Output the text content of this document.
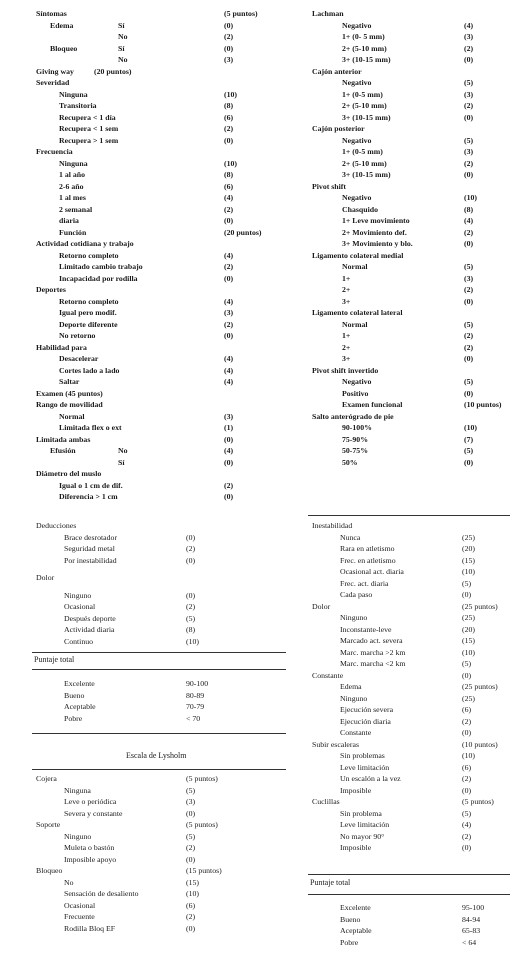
Síntomas	(5 puntos)
Edema	Sí	(0)
No	(2)
Bloqueo	Sí	(0)
No	(3)
Giving way	(20 puntos)
Severidad
Ninguna	(10)
Transitoria	(8)
Recupera < 1 día	(6)
Recupera < 1 sem	(2)
Recupera > 1 sem	(0)
Frecuencia
Ninguna	(10)
1 al año	(8)
2-6 año	(6)
1 al mes	(4)
2 semanal	(2)
diaria	(0)
Función	(20 puntos)
Actividad cotidiana y trabajo
Retorno completo	(4)
Limitado cambio trabajo	(2)
Incapacidad por rodilla	(0)
Deportes
Retorno completo	(4)
Igual pero modif.	(3)
Deporte diferente	(2)
No retorno	(0)
Habilidad para
Desacelerar	(4)
Cortes lado a lado	(4)
Saltar	(4)
Examen (45 puntos)
Rango de movilidad
Normal	(3)
Limitada flex o ext	(1)
Limitada ambas	(0)
Efusión	No	(4)
Sí	(0)
Diámetro del muslo
Igual o 1 cm de dif.	(2)
Diferencia > 1 cm	(0)
Lachman
Negativo	(4)
1+ (0- 5 mm)	(3)
2+ (5-10 mm)	(2)
3+ (10-15 mm)	(0)
Cajón anterior
Negativo	(5)
1+ (0-5 mm)	(3)
2+ (5-10 mm)	(2)
3+ (10-15 mm)	(0)
Cajón posterior
Negativo	(5)
1+ (0-5 mm)	(3)
2+ (5-10 mm)	(2)
3+ (10-15 mm)	(0)
Pivot shift
Negativo	(10)
Chasquido	(8)
1+ Leve movimiento	(4)
2+ Movimiento def.	(2)
3+ Movimiento y blo.	(0)
Ligamento colateral medial
Normal	(5)
1+	(3)
2+	(2)
3+	(0)
Ligamento colateral lateral
Normal	(5)
1+	(2)
2+	(2)
3+	(0)
Pivot shift invertido
Negativo	(5)
Positivo	(0)
Examen funcional	(10 puntos)
Salto anterógrado de pie
90-100%	(10)
75-90%	(7)
50-75%	(5)
50%	(0)
Deducciones
Brace desrotador	(0)
Seguridad metal	(2)
Por inestabilidad	(0)
Dolor
Ninguno	(0)
Ocasional	(2)
Después deporte	(5)
Actividad diaria	(8)
Continuo	(10)
Puntaje total
Excelente	90-100
Bueno	80-89
Aceptable	70-79
Pobre	< 70
Escala de Lysholm
Cojera	(5 puntos)
Ninguna	(5)
Leve o periódica	(3)
Severa y constante	(0)
Soporte	(5 puntos)
Ninguno	(5)
Muleta o bastón	(2)
Imposible apoyo	(0)
Bloqueo	(15 puntos)
No	(15)
Sensación de desaliento	(10)
Ocasional	(6)
Frecuente	(2)
Rodilla Bloq EF	(0)
Inestabilidad
Nunca	(25)
Rara en atletismo	(20)
Frec. en atletismo	(15)
Ocasional act. diaria	(10)
Frec. act. diaria	(5)
Cada paso	(0)
Dolor	(25 puntos)
Ninguno	(25)
Inconstante-leve	(20)
Marcado act. severa	(15)
Marc. marcha >2 km	(10)
Marc. marcha <2 km	(5)
Constante	(0)
Edema	(25 puntos)
Ninguno	(25)
Ejecución severa	(6)
Ejecución diaria	(2)
Constante	(0)
Subir escaleras	(10 puntos)
Sin problemas	(10)
Leve limitación	(6)
Un escalón a la vez	(2)
Imposible	(0)
Cuclillas	(5 puntos)
Sin problema	(5)
Leve limitación	(4)
No mayor 90°	(2)
Imposible	(0)
Puntaje total
Excelente	95-100
Bueno	84-94
Aceptable	65-83
Pobre	< 64
